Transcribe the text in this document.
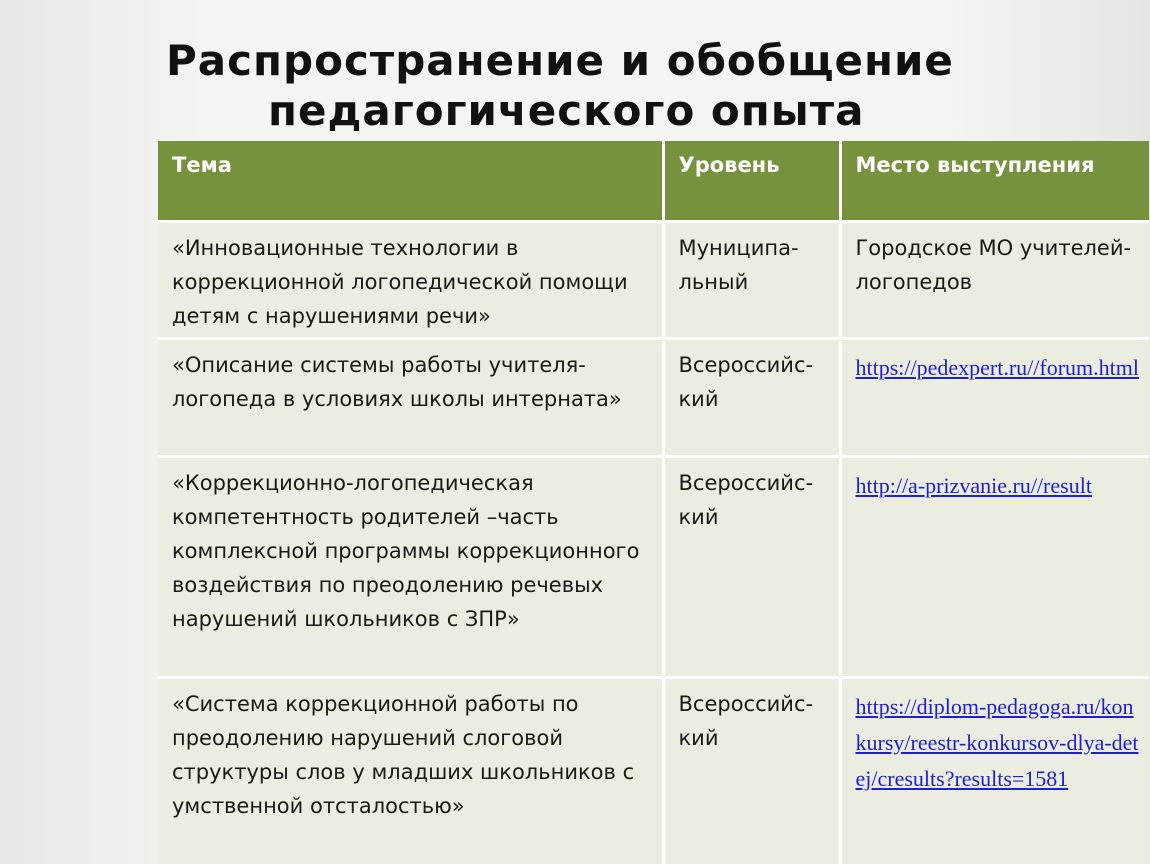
Распространение и обобщение
педагогического опыта
Тема	Уровень	Место выступления
«Инновационные технологии в коррекционной логопедической помощи детям с нарушениями речи»	Муниципа-льный	Городское МО учителей-логопедов
«Описание системы работы учителя-логопеда в условиях школы интерната»	Всероссийс-кий	https://pedexpert.ru//forum.html
«Коррекционно-логопедическая компетентность родителей –часть комплексной программы коррекционного воздействия по преодолению речевых нарушений школьников с ЗПР»	Всероссийс-кий	http://a-prizvanie.ru//result
«Система коррекционной работы по преодолению нарушений слоговой структуры слов у младших школьников с умственной отсталостью»	Всероссийс-кий	https://diplom-pedagoga.ru/konkursy/reestr-konkursov-dlya-detej/cresults?results=1581
